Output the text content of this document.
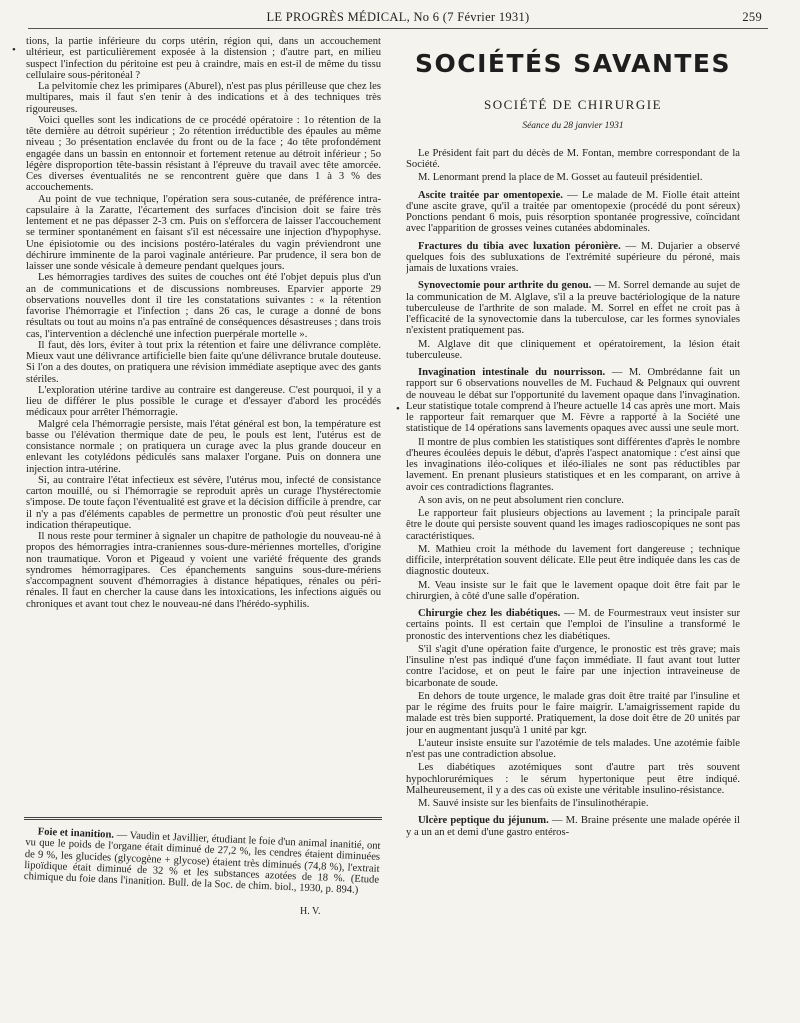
LE PROGRÈS MÉDICAL, No 6 (7 Février 1931)	259
•
•

tions, la partie inférieure du corps utérin, région qui, dans un accouchement ultérieur, est particulièrement exposée à la distension ; d'autre part, en milieu suspect l'infection du péritoine est peu à craindre, mais en est-il de même du tissu cellulaire sous-péritonéal ?

La pelvitomie chez les primipares (Aburel), n'est pas plus périlleuse que chez les multipares, mais il faut s'en tenir à des indications et à des techniques très rigoureuses.

Voici quelles sont les indications de ce procédé opératoire : 1o rétention de la tête dernière au détroit supérieur ; 2o rétention irréductible des épaules au même niveau ; 3o présentation enclavée du front ou de la face ; 4o tête profondément engagée dans un bassin en entonnoir et fortement retenue au détroit inférieur ; 5o légère disproportion tête-bassin résistant à l'épreuve du travail avec tête amorcée. Ces diverses éventualités ne se rencontrent guère que dans 1 à 3 % des accouchements.

Au point de vue technique, l'opération sera sous-cutanée, de préférence intra-capsulaire à la Zaratte, l'écartement des surfaces d'incision doit se faire très lentement et ne pas dépasser 2-3 cm. Puis on s'efforcera de laisser l'accouchement se terminer spontanément en faisant s'il est nécessaire une injection d'hypophyse. Une épisiotomie ou des incisions postéro-latérales du vagin préviendront une déchirure imminente de la paroi vaginale antérieure. Par prudence, il sera bon de laisser une sonde vésicale à demeure pendant quelques jours.

Les hémorragies tardives des suites de couches ont été l'objet depuis plus d'un an de communications et de discussions nombreuses. Eparvier apporte 29 observations nouvelles dont il tire les constatations suivantes : « la rétention favorise l'hémorragie et l'infection ; dans 26 cas, le curage a donné de bons résultats ou tout au moins n'a pas entraîné de conséquences désastreuses ; dans trois cas, l'intervention a déclenché une infection puerpérale mortelle ».

Il faut, dès lors, éviter à tout prix la rétention et faire une délivrance complète. Mieux vaut une délivrance artificielle bien faite qu'une délivrance brutale douteuse. Si l'on a des doutes, on pratiquera une révision immédiate aseptique avec des gants stériles.

L'exploration utérine tardive au contraire est dangereuse. C'est pourquoi, il y a lieu de différer le plus possible le curage et d'essayer d'abord les procédés médicaux pour arrêter l'hémorragie.

Malgré cela l'hémorragie persiste, mais l'état général est bon, la température est basse ou l'élévation thermique date de peu, le pouls est lent, l'utérus est de consistance normale ; on pratiquera un curage avec la plus grande douceur en enlevant les cotylédons pédiculés sans malaxer l'organe. Puis on donnera une injection intra-utérine.

Si, au contraire l'état infectieux est sévère, l'utérus mou, infecté de consistance carton mouillé, ou si l'hémorragie se reproduit après un curage l'hystérectomie s'impose. De toute façon l'éventualité est grave et la décision difficile à prendre, car il n'y a pas d'éléments capables de permettre un pronostic d'où peut résulter une indication thérapeutique.

Il nous reste pour terminer à signaler un chapitre de pathologie du nouveau-né à propos des hémorragies intra-craniennes sous-dure-mériennes mortelles, d'origine non traumatique. Voron et Pigeaud y voient une variété fréquente des grands syndromes hémorragipares. Ces épanchements sanguins sous-dure-mériens s'accompagnent souvent d'hémorragies à distance hépatiques, rénales ou péri-rénales. Il faut en chercher la cause dans les intoxications, les infections aiguës ou chroniques et avant tout chez le nouveau-né dans l'hérédo-syphilis.

Foie et inanition. — Vaudin et Javillier, étudiant le foie d'un animal inanitié, ont vu que le poids de l'organe était diminué de 27,2 %, les cendres étaient diminuées de 9 %, les glucides (glycogène + glycose) étaient très diminués (74,8 %), l'extrait lipoïdique était diminué de 32 % et les substances azotées de 18 %. (Etude chimique du foie dans l'inanition. Bull. de la Soc. de chim. biol., 1930, p. 894.)

H. V.
SOCIÉTÉS SAVANTES
SOCIÉTÉ DE CHIRURGIE
Séance du 28 janvier 1931

Le Président fait part du décès de M. Fontan, membre correspondant de la Société.

M. Lenormant prend la place de M. Gosset au fauteuil présidentiel.

Ascite traitée par omentopexie. — Le malade de M. Fiolle était atteint d'une ascite grave, qu'il a traitée par omentopexie (procédé du pont séreux) Ponctions pendant 6 mois, puis résorption spontanée progressive, coïncidant avec l'apparition de grosses veines cutanées abdominales.

Fractures du tibia avec luxation péronière. — M. Dujarier a observé quelques fois des subluxations de l'extrémité supérieure du péroné, mais jamais de luxations vraies.

Synovectomie pour arthrite du genou. — M. Sorrel demande au sujet de la communication de M. Alglave, s'il a la preuve bactériologique de la nature tuberculeuse de l'arthrite de son malade. M. Sorrel en effet ne croit pas à l'efficacité de la synovectomie dans la tuberculose, car les formes synoviales n'existent pratiquement pas.

M. Alglave dit que cliniquement et opératoirement, la lésion était tuberculeuse.

Invagination intestinale du nourrisson. — M. Ombrédanne fait un rapport sur 6 observations nouvelles de M. Fuchaud & Pelgnaux qui ouvrent de nouveau le débat sur l'opportunité du lavement opaque dans l'invagination. Leur statistique totale comprend à l'heure actuelle 14 cas après une mort. Mais le rapporteur fait remarquer que M. Fèvre a rapporté à la Société une statistique de 14 opérations sans lavements opaques avec aussi une seule mort.

Il montre de plus combien les statistiques sont différentes d'après le nombre d'heures écoulées depuis le début, d'après l'aspect anatomique : c'est ainsi que les invaginations iléo-coliques et iléo-iliales ne sont pas réductibles par lavement. En prenant plusieurs statistiques et en les comparant, on arrive à avoir ces contradictions flagrantes.

A son avis, on ne peut absolument rien conclure.

Le rapporteur fait plusieurs objections au lavement ; la principale paraît être le doute qui persiste souvent quand les images radioscopiques ne sont pas caractéristiques.

M. Mathieu croit la méthode du lavement fort dangereuse ; technique difficile, interprétation souvent délicate. Elle peut être indiquée dans les cas de diagnostic douteux.

M. Veau insiste sur le fait que le lavement opaque doit être fait par le chirurgien, à côté d'une salle d'opération.

Chirurgie chez les diabétiques. — M. de Fourmestraux veut insister sur certains points. Il est certain que l'emploi de l'insuline a transformé le pronostic des interventions chez les diabétiques.

S'il s'agit d'une opération faite d'urgence, le pronostic est très grave; mais l'insuline n'est pas indiqué d'une façon immédiate. Il faut avant tout lutter contre l'acidose, et on peut le faire par une injection intraveineuse de bicarbonate de soude.

En dehors de toute urgence, le malade gras doit être traité par l'insuline et par le régime des fruits pour le faire maigrir. L'amaigrissement rapide du malade est très bien supporté. Pratiquement, la dose doit être de 20 unités par jour en augmentant jusqu'à 1 unité par kgr.

L'auteur insiste ensuite sur l'azotémie de tels malades. Une azotémie faible n'est pas une contradiction absolue.

Les diabétiques azotémiques sont d'autre part très souvent hypochlorurémiques : le sérum hypertonique peut être indiqué. Malheureusement, il y a des cas où existe une véritable insulino-résistance.

M. Sauvé insiste sur les bienfaits de l'insulinothérapie.

Ulcère peptique du jéjunum. — M. Braine présente une malade opérée il y a un an et demi d'une gastro entéros-
